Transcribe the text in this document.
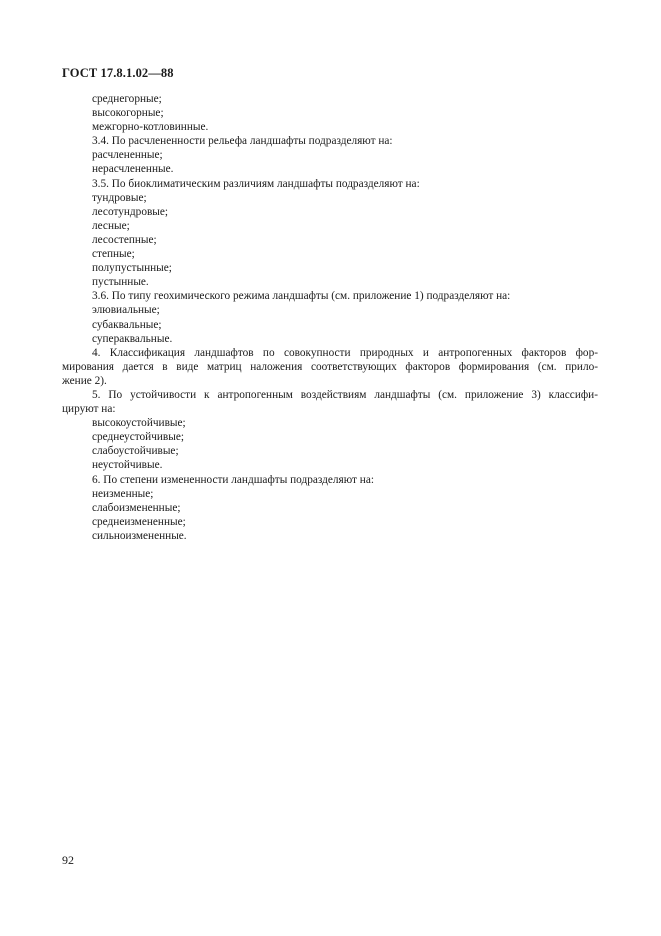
ГОСТ 17.8.1.02—88
среднегорные;
высокогорные;
межгорно-котловинные.
3.4. По расчлененности рельефа ландшафты подразделяют на:
расчлененные;
нерасчлененные.
3.5. По биоклиматическим различиям ландшафты подразделяют на:
тундровые;
лесотундровые;
лесные;
лесостепные;
степные;
полупустынные;
пустынные.
3.6. По типу геохимического режима ландшафты (см. приложение 1) подразделяют на:
элювиальные;
субаквальные;
супераквальные.
4. Классификация ландшафтов по совокупности природных и антропогенных факторов фор-
мирования дается в виде матриц наложения соответствующих факторов формирования (см. прило-
жение 2).
5. По устойчивости к антропогенным воздействиям ландшафты (см. приложение 3) классифи-
цируют на:
высокоустойчивые;
среднеустойчивые;
слабоустойчивые;
неустойчивые.
6. По степени измененности ландшафты подразделяют на:
неизменные;
слабоизмененные;
среднеизмененные;
сильноизмененные.
92
